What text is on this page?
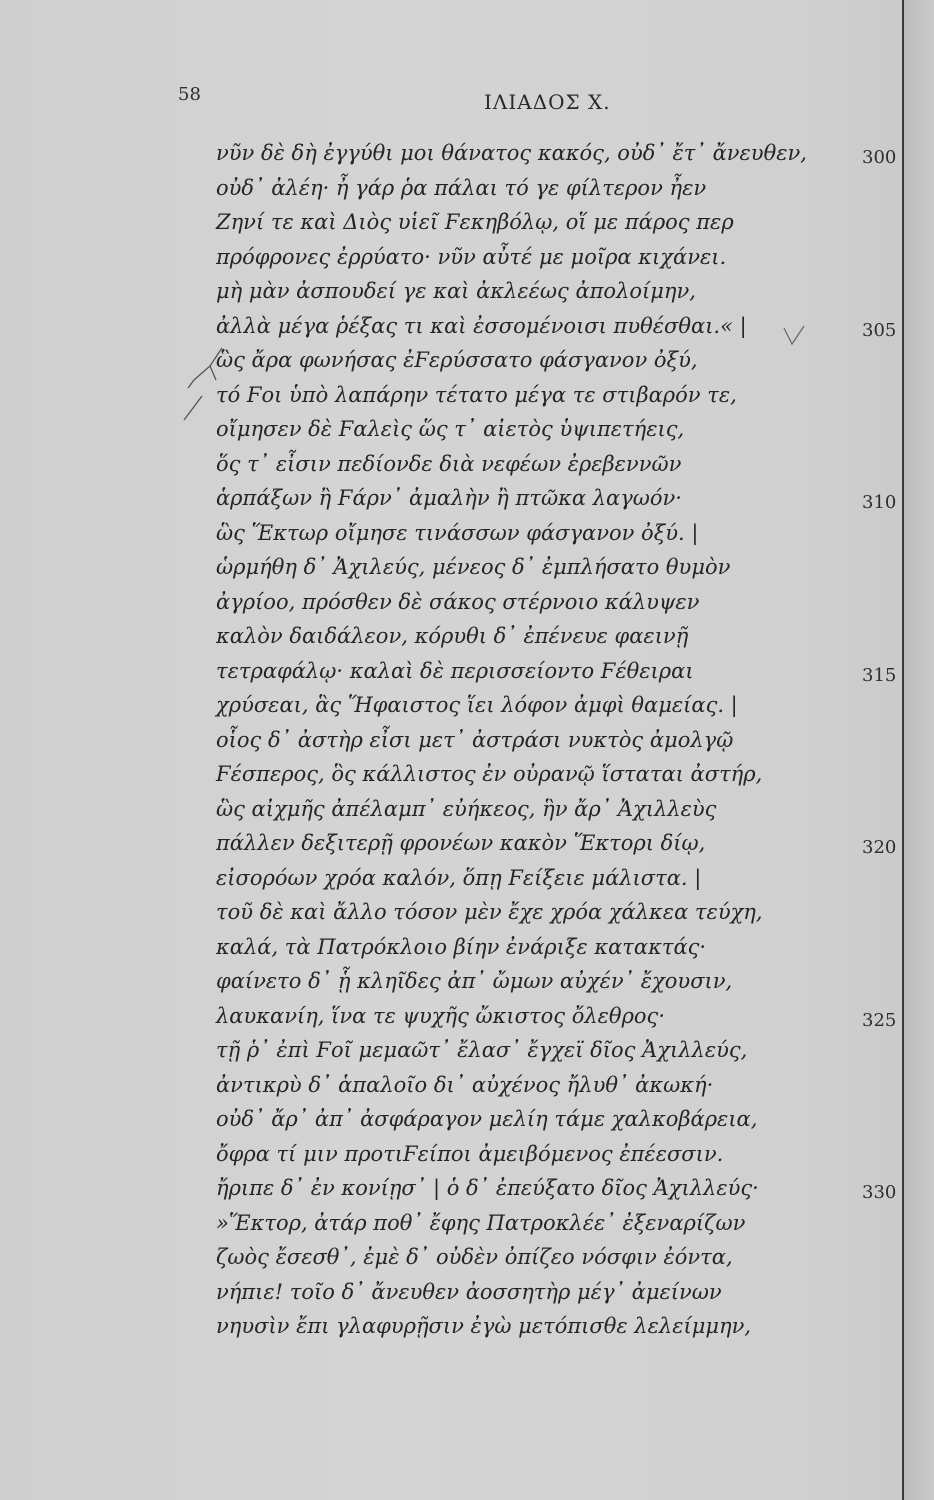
58	ΙΛΙΑΔΟΣ Χ.
νῦν δὲ δὴ ἐγγύθι μοι θάνατος κακός, οὐδ᾽ ἔτ᾽ ἄνευθεν,
οὐδ᾽ ἀλέη· ἦ γάρ ῥα πάλαι τό γε φίλτερον ἦεν
Ζηνί τε καὶ Διὸς υἱεῖ Ϝεκηβόλῳ, οἵ με πάρος περ
πρόφρονες ἐρρύατο· νῦν αὖτέ με μοῖρα κιχάνει.
μὴ μὰν ἀσπουδεί γε καὶ ἀκλεέως ἀπολοίμην,
ἀλλὰ μέγα ῥέξας τι καὶ ἐσσομένοισι πυθέσθαι.« |
ὣς ἄρα φωνήσας ἐϜερύσσατο φάσγανον ὀξύ,
τό Ϝοι ὑπὸ λαπάρην τέτατο μέγα τε στιβαρόν τε,
οἴμησεν δὲ Ϝαλεὶς ὥς τ᾽ αἰετὸς ὑψιπετήεις,
ὅς τ᾽ εἶσιν πεδίονδε διὰ νεφέων ἐρεβεννῶν
ἁρπάξων ἢ Ϝάρν᾽ ἀμαλὴν ἢ πτῶκα λαγωόν·
ὣς Ἕκτωρ οἴμησε τινάσσων φάσγανον ὀξύ. |
ὡρμήθη δ᾽ Ἀχιλεύς, μένεος δ᾽ ἐμπλήσατο θυμὸν
ἀγρίοο, πρόσθεν δὲ σάκος στέρνοιο κάλυψεν
καλὸν δαιδάλεον, κόρυθι δ᾽ ἐπένευε φαεινῇ
τετραφάλῳ· καλαὶ δὲ περισσείοντο Ϝέθειραι
χρύσεαι, ἃς Ἥφαιστος ἵει λόφον ἀμφὶ θαμείας. |
οἷος δ᾽ ἀστὴρ εἶσι μετ᾽ ἀστράσι νυκτὸς ἀμολγῷ
Ϝέσπερος, ὃς κάλλιστος ἐν οὐρανῷ ἵσταται ἀστήρ,
ὣς αἰχμῆς ἀπέλαμπ᾽ εὐήκεος, ἣν ἄρ᾽ Ἀχιλλεὺς
πάλλεν δεξιτερῇ φρονέων κακὸν Ἕκτορι δίῳ,
εἰσορόων χρόα καλόν, ὅπῃ Ϝείξειε μάλιστα. |
τοῦ δὲ καὶ ἄλλο τόσον μὲν ἔχε χρόα χάλκεα τεύχη,
καλά, τὰ Πατρόκλοιο βίην ἐνάριξε κατακτάς·
φαίνετο δ᾽ ᾗ κληῖδες ἀπ᾽ ὤμων αὐχέν᾽ ἔχουσιν,
λαυκανίη, ἵνα τε ψυχῆς ὤκιστος ὄλεθρος·
τῇ ῥ᾽ ἐπὶ Ϝοῖ μεμαῶτ᾽ ἔλασ᾽ ἔγχεϊ δῖος Ἀχιλλεύς,
ἀντικρὺ δ᾽ ἁπαλοῖο δι᾽ αὐχένος ἤλυθ᾽ ἀκωκή·
οὐδ᾽ ἄρ᾽ ἀπ᾽ ἀσφάραγον μελίη τάμε χαλκοβάρεια,
ὄφρα τί μιν προτιϜείποι ἀμειβόμενος ἐπέεσσιν.
ἤριπε δ᾽ ἐν κονίῃσ᾽ | ὁ δ᾽ ἐπεύξατο δῖος Ἀχιλλεύς·
»Ἕκτορ, ἀτάρ ποθ᾽ ἔφης Πατροκλέε᾽ ἐξεναρίζων
ζωὸς ἔσεσθ᾽, ἐμὲ δ᾽ οὐδὲν ὀπίζεο νόσφιν ἐόντα,
νήπιε! τοῖο δ᾽ ἄνευθεν ἀοσσητὴρ μέγ᾽ ἀμείνων
νηυσὶν ἔπι γλαφυρῇσιν ἐγὼ μετόπισθε λελείμμην,
300
305
310
315
320
325
330
